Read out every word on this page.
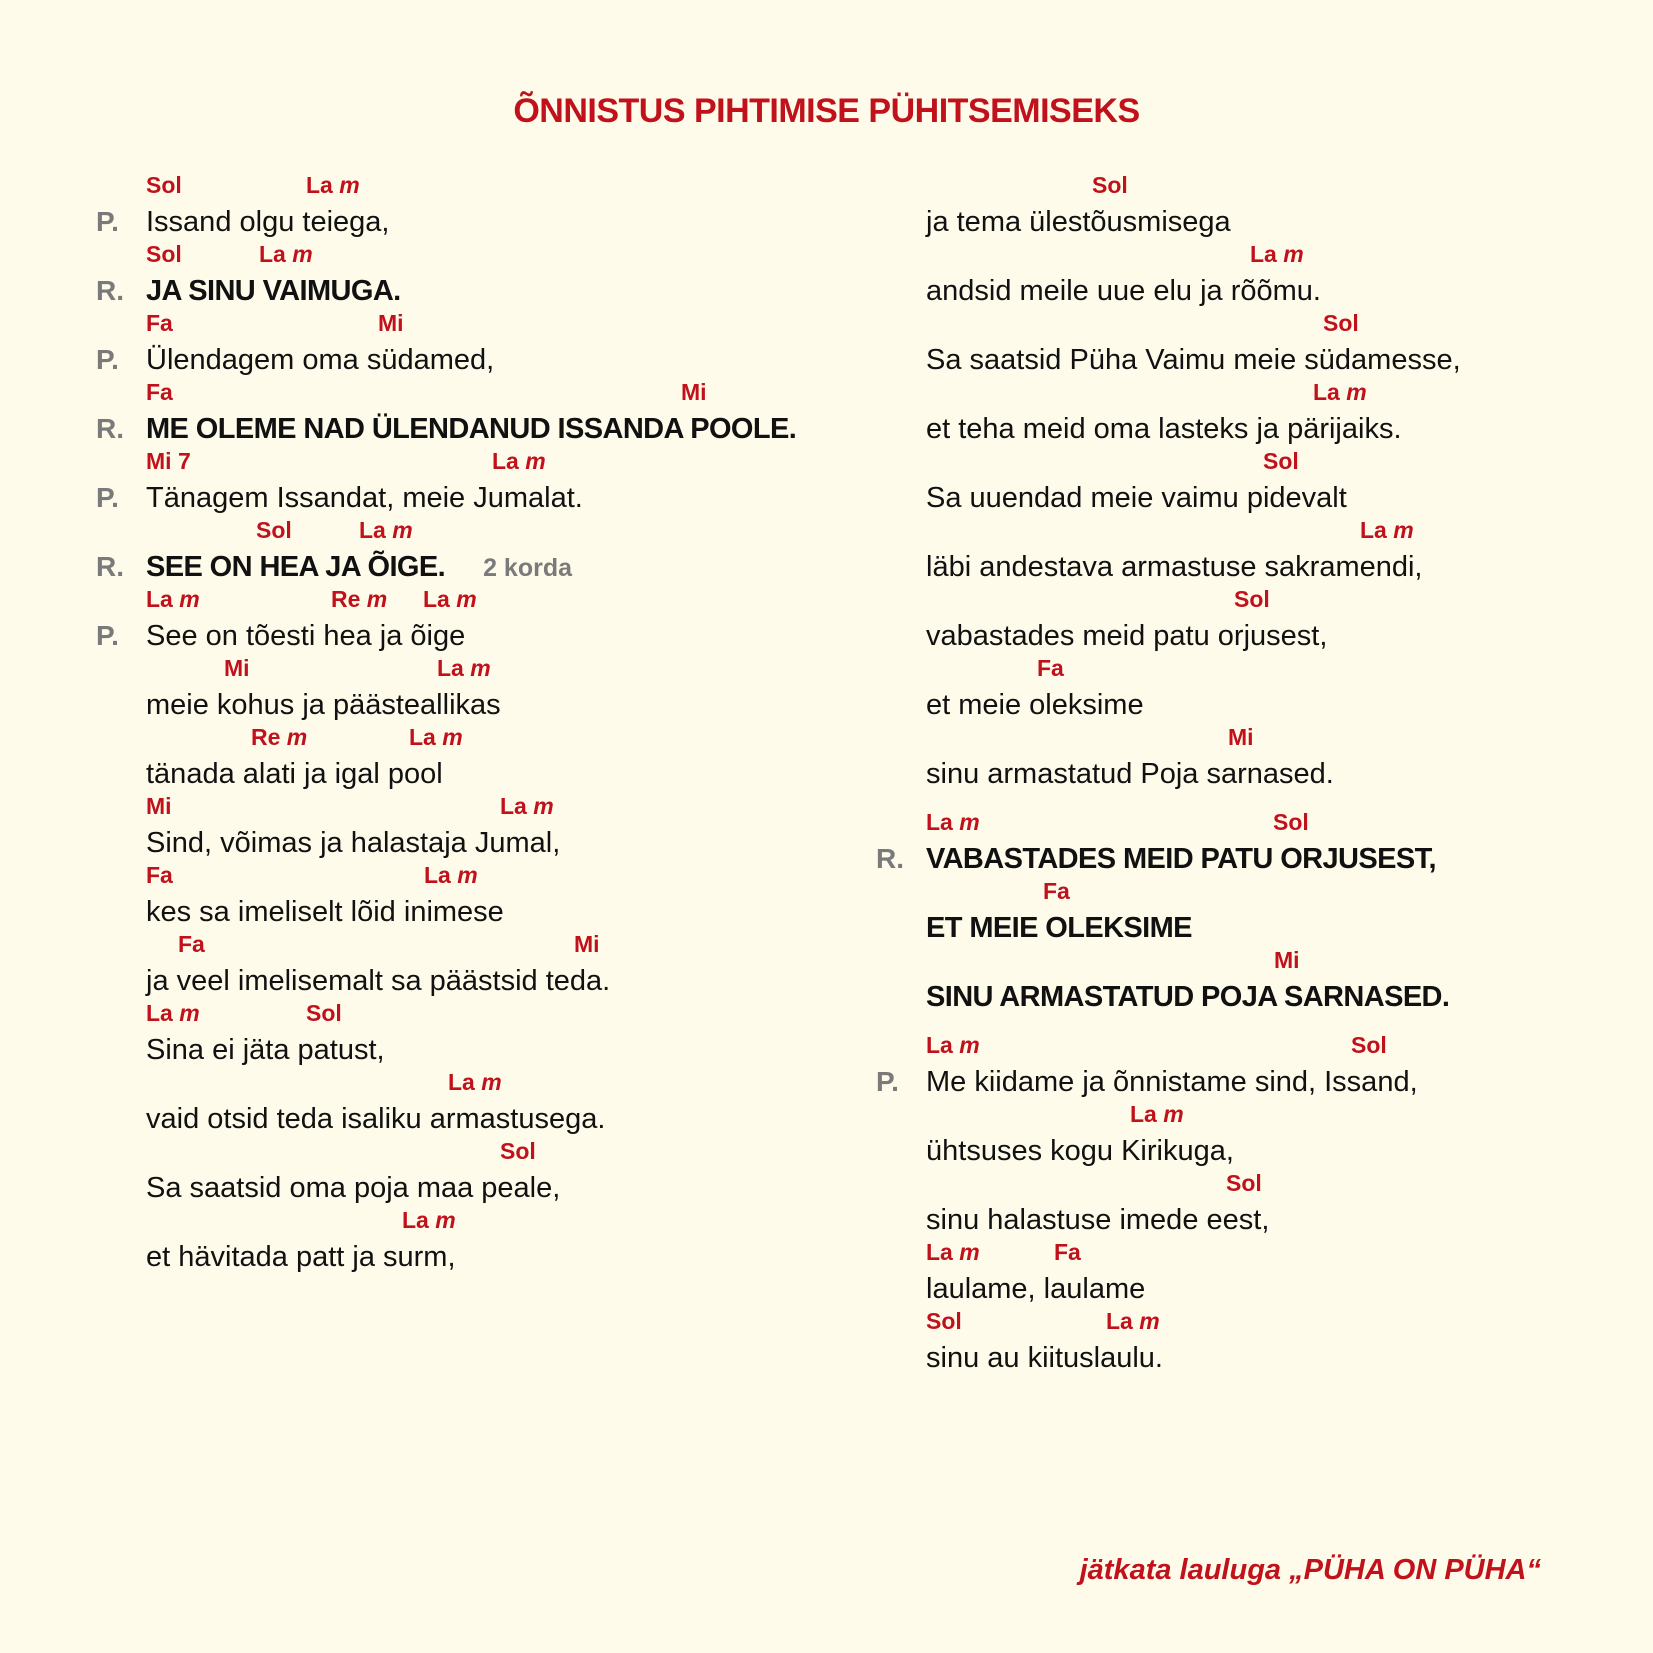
ÕNNISTUS PIHTIMISE PÜHITSEMISEKS
Sol	La m
P. Issand olgu teiega,
Sol	La m
R. JA SINU VAIMUGA.
Fa	Mi
P. Ülendagem oma südamed,
Fa	Mi
R. ME OLEME NAD ÜLENDANUD ISSANDA POOLE.
Mi 7	La m
P. Tänagem Issandat, meie Jumalat.
Sol	La m
R. SEE ON HEA JA ÕIGE. 2 korda
La m	Re m La m
P. See on tõesti hea ja õige
Mi	La m
meie kohus ja päästeallikas
Re m	La m
tänada alati ja igal pool
Mi	La m
Sind, võimas ja halastaja Jumal,
Fa	La m
kes sa imeliselt lõid inimese
Fa	Mi
ja veel imelisemalt sa päästsid teda.
La m	Sol
Sina ei jäta patust,
La m
vaid otsid teda isaliku armastusega.
Sol
Sa saatsid oma poja maa peale,
La m
et hävitada patt ja surm,
Sol
ja tema ülestõusmisega
La m
andsid meile uue elu ja rõõmu.
Sol
Sa saatsid Püha Vaimu meie südamesse,
La m
et teha meid oma lasteks ja pärijaiks.
Sol
Sa uuendad meie vaimu pidevalt
La m
läbi andestava armastuse sakramendi,
Sol
vabastades meid patu orjusest,
Fa
et meie oleksime
Mi
sinu armastatud Poja sarnased.
La m	Sol
R. VABASTADES MEID PATU ORJUSEST,
Fa
ET MEIE OLEKSIME
Mi
SINU ARMASTATUD POJA SARNASED.
La m	Sol
P. Me kiidame ja õnnistame sind, Issand,
La m
ühtsuses kogu Kirikuga,
Sol
sinu halastuse imede eest,
La m	Fa
laulame, laulame
Sol	La m
sinu au kiituslaulu.
jätkata lauluga „PÜHA ON PÜHA“
